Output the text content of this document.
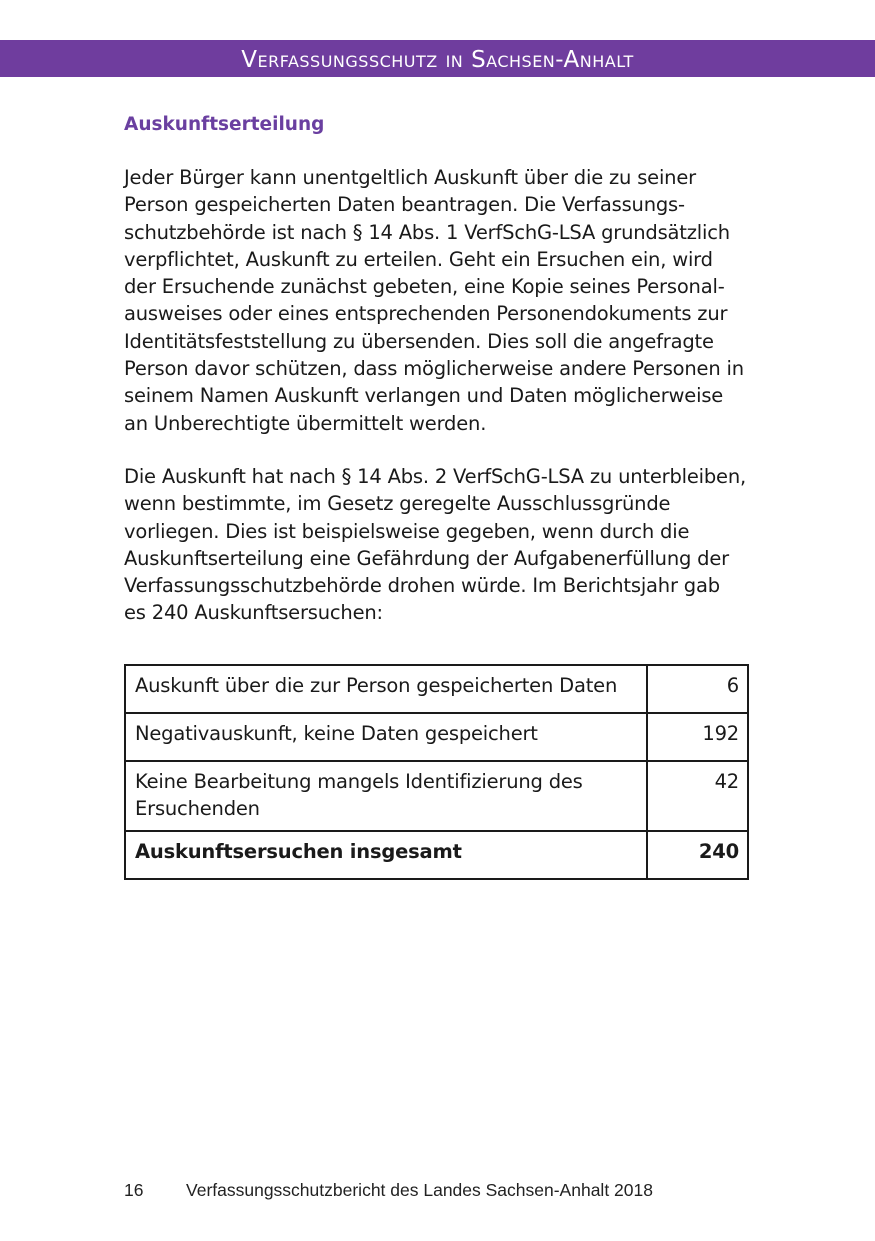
Verfassungsschutz in Sachsen-Anhalt
Auskunftserteilung

Jeder Bürger kann unentgeltlich Auskunft über die zu seiner Person gespeicherten Daten beantragen. Die Verfassungsschutzbehörde ist nach § 14 Abs. 1 VerfSchG-LSA grundsätzlich verpflichtet, Auskunft zu erteilen. Geht ein Ersuchen ein, wird der Ersuchende zunächst gebeten, eine Kopie seines Personalausweises oder eines entsprechenden Personendokuments zur Identitätsfeststellung zu übersenden. Dies soll die angefragte Person davor schützen, dass möglicherweise andere Personen in seinem Namen Auskunft verlangen und Daten möglicherweise an Unberechtigte übermittelt werden.

Die Auskunft hat nach § 14 Abs. 2 VerfSchG-LSA zu unterbleiben, wenn bestimmte, im Gesetz geregelte Ausschlussgründe vorliegen. Dies ist beispielsweise gegeben, wenn durch die Auskunftserteilung eine Gefährdung der Aufgabenerfüllung der Verfassungsschutzbehörde drohen würde. Im Berichtsjahr gab es 240 Auskunftsersuchen:

Auskunft über die zur Person gespeicherten Daten	6
Negativauskunft, keine Daten gespeichert	192
Keine Bearbeitung mangels Identifizierung des Ersuchenden	42
Auskunftsersuchen insgesamt	240
16 Verfassungsschutzbericht des Landes Sachsen-Anhalt 2018
